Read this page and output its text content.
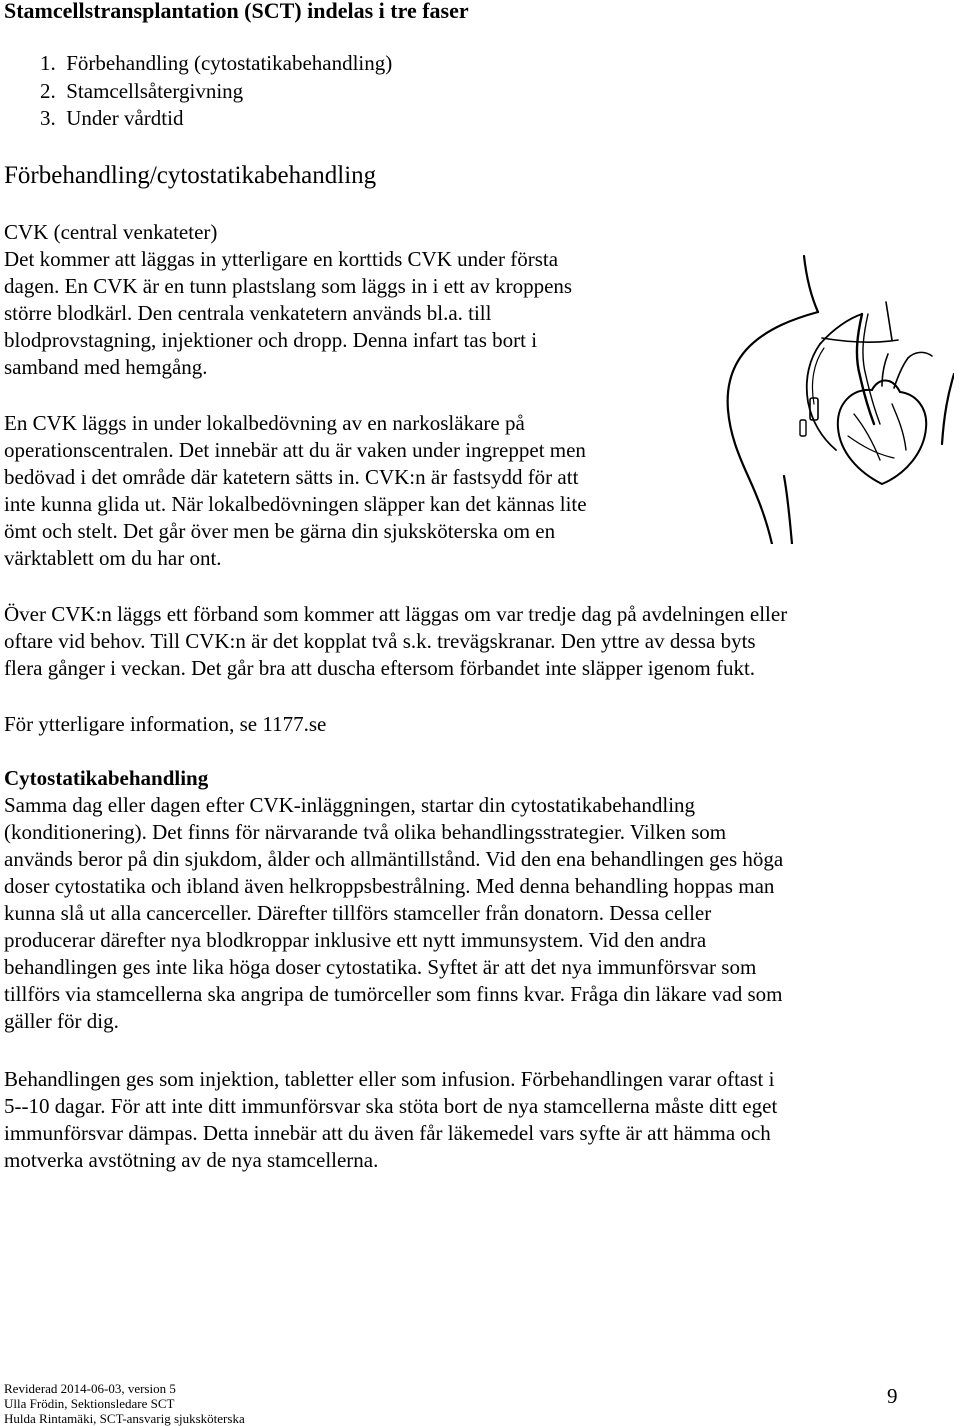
Stamcellstransplantation (SCT) indelas i tre faser
1. Förbehandling (cytostatikabehandling)
2. Stamcellsåtergivning
3. Under vårdtid
Förbehandling/cytostatikabehandling
CVK (central venkateter)
Det kommer att läggas in ytterligare en korttids CVK under första
dagen. En CVK är en tunn plastslang som läggs in i ett av kroppens
större blodkärl. Den centrala venkatetern används bl.a. till
blodprovstagning, injektioner och dropp. Denna infart tas bort i
samband med hemgång.
En CVK läggs in under lokalbedövning av en narkosläkare på
operationscentralen. Det innebär att du är vaken under ingreppet men
bedövad i det område där katetern sätts in. CVK:n är fastsydd för att
inte kunna glida ut. När lokalbedövningen släpper kan det kännas lite
ömt och stelt. Det går över men be gärna din sjuksköterska om en
värktablett om du har ont.
Över CVK:n läggs ett förband som kommer att läggas om var tredje dag på avdelningen eller
oftare vid behov. Till CVK:n är det kopplat två s.k. trevägskranar. Den yttre av dessa byts
flera gånger i veckan. Det går bra att duscha eftersom förbandet inte släpper igenom fukt.
För ytterligare information, se 1177.se
Cytostatikabehandling
Samma dag eller dagen efter CVK-inläggningen, startar din cytostatikabehandling
(konditionering). Det finns för närvarande två olika behandlingsstrategier. Vilken som
används beror på din sjukdom, ålder och allmäntillstånd. Vid den ena behandlingen ges höga
doser cytostatika och ibland även helkroppsbestrålning. Med denna behandling hoppas man
kunna slå ut alla cancerceller. Därefter tillförs stamceller från donatorn. Dessa celler
producerar därefter nya blodkroppar inklusive ett nytt immunsystem. Vid den andra
behandlingen ges inte lika höga doser cytostatika. Syftet är att det nya immunförsvar som
tillförs via stamcellerna ska angripa de tumörceller som finns kvar. Fråga din läkare vad som
gäller för dig.
Behandlingen ges som injektion, tabletter eller som infusion. Förbehandlingen varar oftast i
5--10 dagar. För att inte ditt immunförsvar ska stöta bort de nya stamcellerna måste ditt eget
immunförsvar dämpas. Detta innebär att du även får läkemedel vars syfte är att hämma och
motverka avstötning av de nya stamcellerna.
Reviderad 2014-06-03, version 5
Ulla Frödin, Sektionsledare SCT
Hulda Rintamäki, SCT-ansvarig sjuksköterska
9
